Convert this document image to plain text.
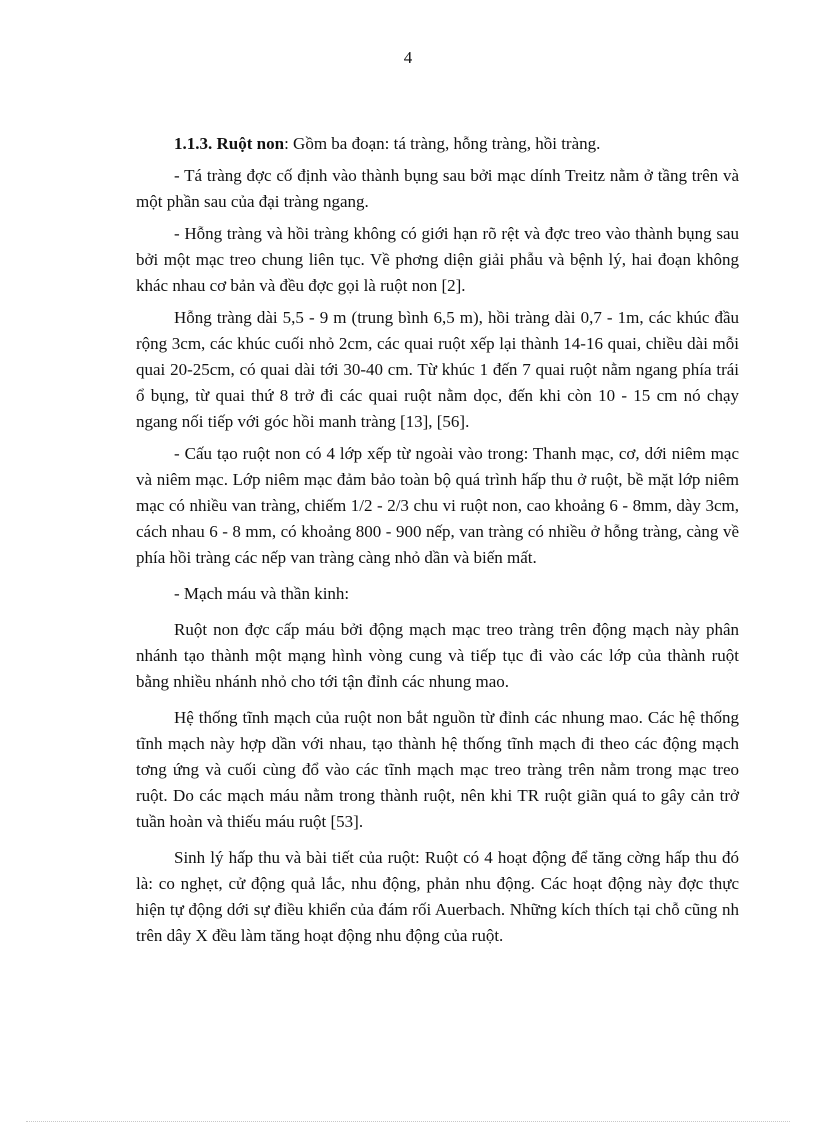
4

1.1.3. Ruột non: Gồm ba đoạn: tá tràng, hỗng tràng, hồi tràng.

- Tá tràng đợc cố định vào thành bụng sau bởi mạc dính Treitz nằm ở tầng trên và một phần sau của đại tràng ngang.

- Hỗng tràng và hồi tràng không có giới hạn rõ rệt và đợc treo vào thành bụng sau bởi một mạc treo chung liên tục. Về phơng diện giải phẫu và bệnh lý, hai đoạn không khác nhau cơ bản và đều đợc gọi là ruột non [2].

Hỗng tràng dài 5,5 - 9 m (trung bình 6,5 m), hồi tràng dài 0,7 - 1m, các khúc đầu rộng 3cm, các khúc cuối nhỏ 2cm, các quai ruột xếp lại thành 14-16 quai, chiều dài mỗi quai 20-25cm, có quai dài tới 30-40 cm. Từ khúc 1 đến 7 quai ruột nằm ngang phía trái ổ bụng, từ quai thứ 8 trở đi các quai ruột nằm dọc, đến khi còn 10 - 15 cm nó chạy ngang nối tiếp với góc hồi manh tràng [13], [56].

- Cấu tạo ruột non có 4 lớp xếp từ ngoài vào trong: Thanh mạc, cơ, dới niêm mạc và niêm mạc. Lớp niêm mạc đảm bảo toàn bộ quá trình hấp thu ở ruột, bề mặt lớp niêm mạc có nhiều van tràng, chiếm 1/2 - 2/3 chu vi ruột non, cao khoảng 6 - 8mm, dày 3cm, cách nhau 6 - 8 mm, có khoảng 800 - 900 nếp, van tràng có nhiều ở hỗng tràng, càng về phía hồi tràng các nếp van tràng càng nhỏ dần và biến mất.

- Mạch máu và thần kinh:

Ruột non đợc cấp máu bởi động mạch mạc treo tràng trên động mạch này phân nhánh tạo thành một mạng hình vòng cung và tiếp tục đi vào các lớp của thành ruột bằng nhiều nhánh nhỏ cho tới tận đỉnh các nhung mao.

Hệ thống tĩnh mạch của ruột non bắt nguồn từ đỉnh các nhung mao. Các hệ thống tĩnh mạch này hợp dần với nhau, tạo thành hệ thống tĩnh mạch đi theo các động mạch tơng ứng và cuối cùng đổ vào các tĩnh mạch mạc treo tràng trên nằm trong mạc treo ruột. Do các mạch máu nằm trong thành ruột, nên khi TR ruột giãn quá to gây cản trở tuần hoàn và thiếu máu ruột [53].

Sinh lý hấp thu và bài tiết của ruột: Ruột có 4 hoạt động để tăng cờng hấp thu đó là: co nghẹt, cử động quả lắc, nhu động, phản nhu động. Các hoạt động này đợc thực hiện tự động dới sự điều khiển của đám rối Auerbach. Những kích thích tại chỗ cũng nh trên dây X đều làm tăng hoạt động nhu động của ruột.
